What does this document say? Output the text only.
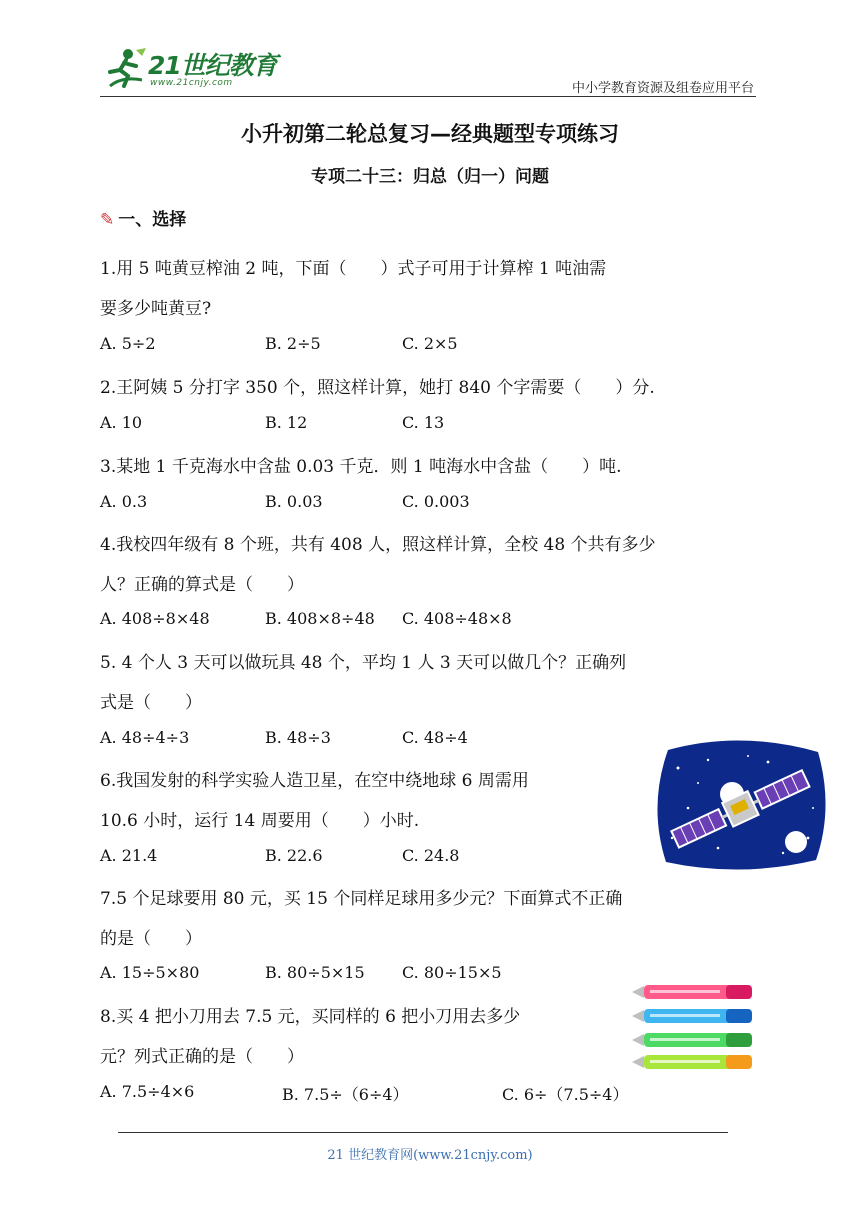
21世纪教育
www.21cnjy.com	中小学教育资源及组卷应用平台
小升初第二轮总复习—经典题型专项练习
专项二十三：归总（归一）问题
✎ 一、选择
1.用 5 吨黄豆榨油 2 吨，下面（　　）式子可用于计算榨 1 吨油需
要多少吨黄豆?
A. 5÷2	B. 2÷5	C. 2×5
2.王阿姨 5 分打字 350 个，照这样计算，她打 840 个字需要（　　）分.
A. 10	B. 12	C. 13
3.某地 1 千克海水中含盐 0.03 千克．则 1 吨海水中含盐（　　）吨.
A. 0.3	B. 0.03	C. 0.003
4.我校四年级有 8 个班，共有 408 人，照这样计算，全校 48 个共有多少
人？正确的算式是（　　）
A. 408÷8×48	B. 408×8÷48 C. 408÷48×8
5. 4 个人 3 天可以做玩具 48 个，平均 1 人 3 天可以做几个？正确列
式是（　　）
A. 48÷4÷3	B. 48÷3	C. 48÷4
6.我国发射的科学实验人造卫星，在空中绕地球 6 周需用
10.6 小时，运行 14 周要用（　　）小时.
A. 21.4	B. 22.6	C. 24.8
7.5 个足球要用 80 元，买 15 个同样足球用多少元？下面算式不正确
的是（　　）
A. 15÷5×80	B. 80÷5×15 C. 80÷15×5
8.买 4 把小刀用去 7.5 元，买同样的 6 把小刀用去多少
元？列式正确的是（　　）
A. 7.5÷4×6	B. 7.5÷（6÷4）	C. 6÷（7.5÷4）
21 世纪教育网(www.21cnjy.com)
